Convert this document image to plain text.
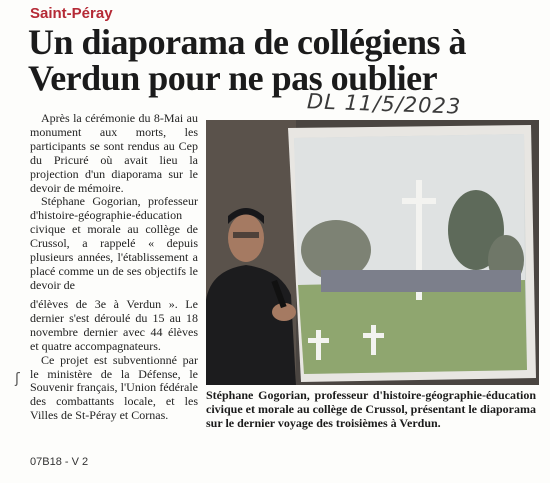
Saint-Péray
Un diaporama de collégiens à Verdun pour ne pas oublier
DL 11/5/2023

Après la cérémonie du 8-Mai au monument aux morts, les participants se sont rendus au Cep du Pricuré où avait lieu la projection d'un diaporama sur le devoir de mémoire.

Stéphane Gogorian, professeur d'histoire-géographie-éducation civique et morale au collège de Crussol, a rappelé « depuis plusieurs années, l'établissement a placé comme un de ses objectifs le devoir de

d'élèves de 3e à Verdun ». Le dernier s'est déroulé du 15 au 18 novembre dernier avec 44 élèves et quatre accompagnateurs.

Ce projet est subventionné par le ministère de la Défense, le Souvenir français, l'Union fédérale des combattants locale, et les Villes de St-Péray et Cornas.

ʃ
Stéphane Gogorian, professeur d'histoire-géographie-éducation civique et morale au collège de Crussol, présentant le diaporama sur le dernier voyage des troisièmes à Verdun.
07B18 - V 2
